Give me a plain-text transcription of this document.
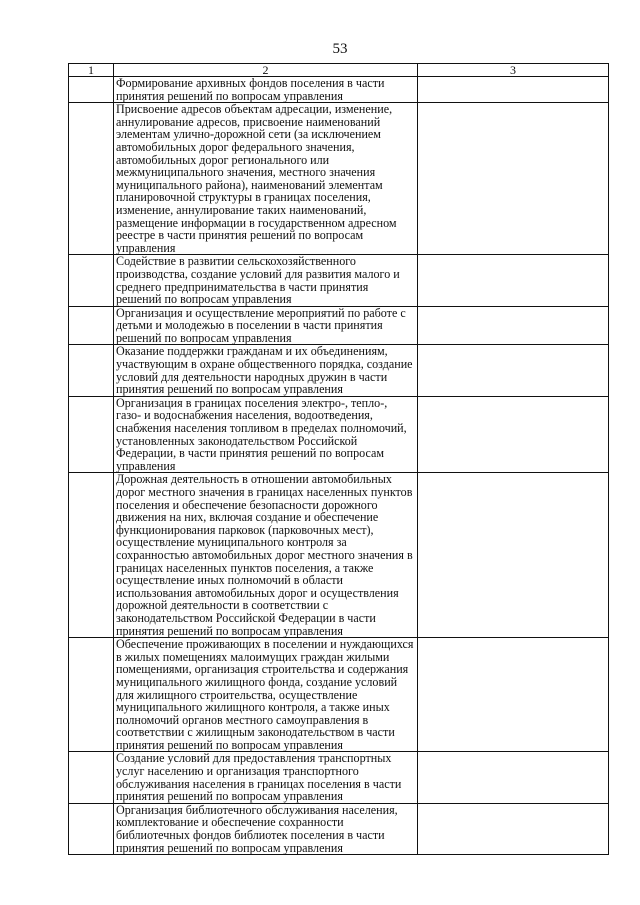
53
1	2	3

	Формирование архивных фондов поселения в части принятия решений по вопросам управления	

	Присвоение адресов объектам адресации, изменение, аннулирование адресов, присвоение наименований элементам улично-дорожной сети (за исключением автомобильных дорог федерального значения, автомобильных дорог регионального или межмуниципального значения, местного значения муниципального района), наименований элементам планировочной структуры в границах поселения, изменение, аннулирование таких наименований, размещение информации в государственном адресном реестре в части принятия решений по вопросам управления	

	Содействие в развитии сельскохозяйственного производства, создание условий для развития малого и среднего предпринимательства в части принятия решений по вопросам управления	

	Организация и осуществление мероприятий по работе с детьми и молодежью в поселении в части принятия решений по вопросам управления	

	Оказание поддержки гражданам и их объединениям, участвующим в охране общественного порядка, создание условий для деятельности народных дружин в части принятия решений по вопросам управления	

	Организация в границах поселения электро-, тепло-, газо- и водоснабжения населения, водоотведения, снабжения населения топливом в пределах полномочий, установленных законодательством Российской Федерации, в части принятия решений по вопросам управления	

	Дорожная деятельность в отношении автомобильных дорог местного значения в границах населенных пунктов поселения и обеспечение безопасности дорожного движения на них, включая создание и обеспечение функционирования парковок (парковочных мест), осуществление муниципального контроля за сохранностью автомобильных дорог местного значения в границах населенных пунктов поселения, а также осуществление иных полномочий в области использования автомобильных дорог и осуществления дорожной деятельности в соответствии с законодательством Российской Федерации в части принятия решений по вопросам управления	

	Обеспечение проживающих в поселении и нуждающихся в жилых помещениях малоимущих граждан жилыми помещениями, организация строительства и содержания муниципального жилищного фонда, создание условий для жилищного строительства, осуществление муниципального жилищного контроля, а также иных полномочий органов местного самоуправления в соответствии с жилищным законодательством в части принятия решений по вопросам управления	

	Создание условий для предоставления транспортных услуг населению и организация транспортного обслуживания населения в границах поселения в части принятия решений по вопросам управления	

	Организация библиотечного обслуживания населения, комплектование и обеспечение сохранности библиотечных фондов библиотек поселения в части принятия решений по вопросам управления	
